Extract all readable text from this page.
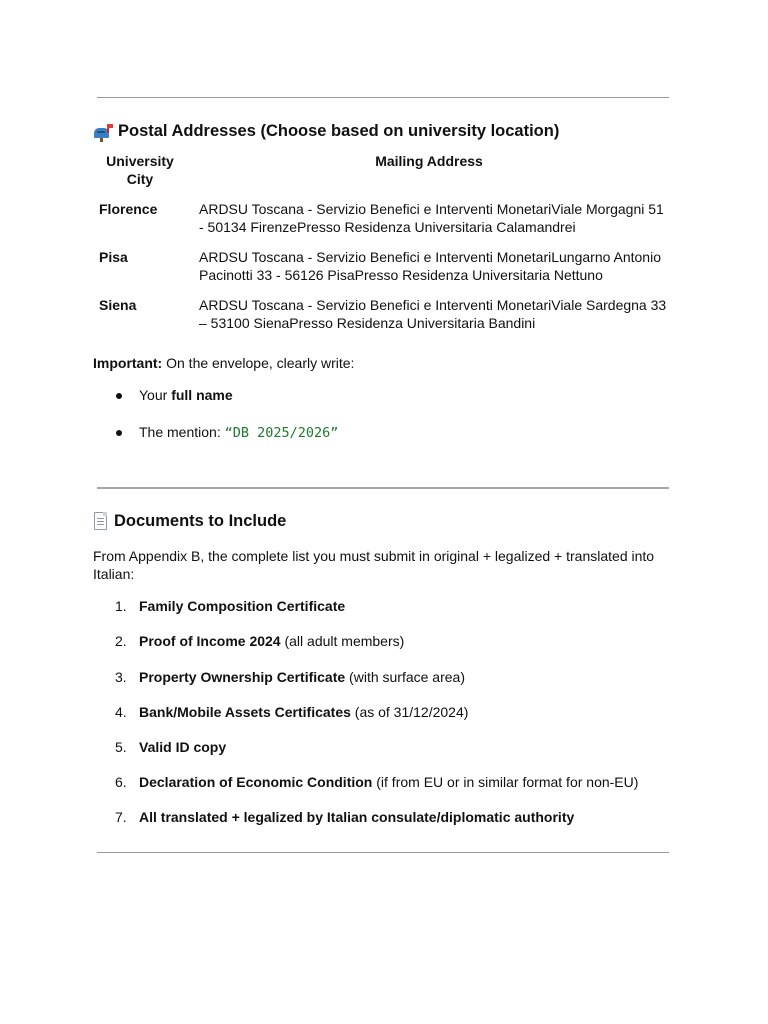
Postal Addresses (Choose based on university location)
University City	Mailing Address
Florence	ARDSU Toscana - Servizio Benefici e Interventi MonetariViale Morgagni 51 - 50134 FirenzePresso Residenza Universitaria Calamandrei
Pisa	ARDSU Toscana - Servizio Benefici e Interventi MonetariLungarno Antonio Pacinotti 33 - 56126 PisaPresso Residenza Universitaria Nettuno
Siena	ARDSU Toscana - Servizio Benefici e Interventi MonetariViale Sardegna 33 – 53100 SienaPresso Residenza Universitaria Bandini

Important: On the envelope, clearly write:

Your full name
The mention: “DB 2025/2026”
Documents to Include

From Appendix B, the complete list you must submit in original + legalized + translated into Italian:

1. Family Composition Certificate
2. Proof of Income 2024 (all adult members)
3. Property Ownership Certificate (with surface area)
4. Bank/Mobile Assets Certificates (as of 31/12/2024)
5. Valid ID copy
6. Declaration of Economic Condition (if from EU or in similar format for non-EU)
7. All translated + legalized by Italian consulate/diplomatic authority
